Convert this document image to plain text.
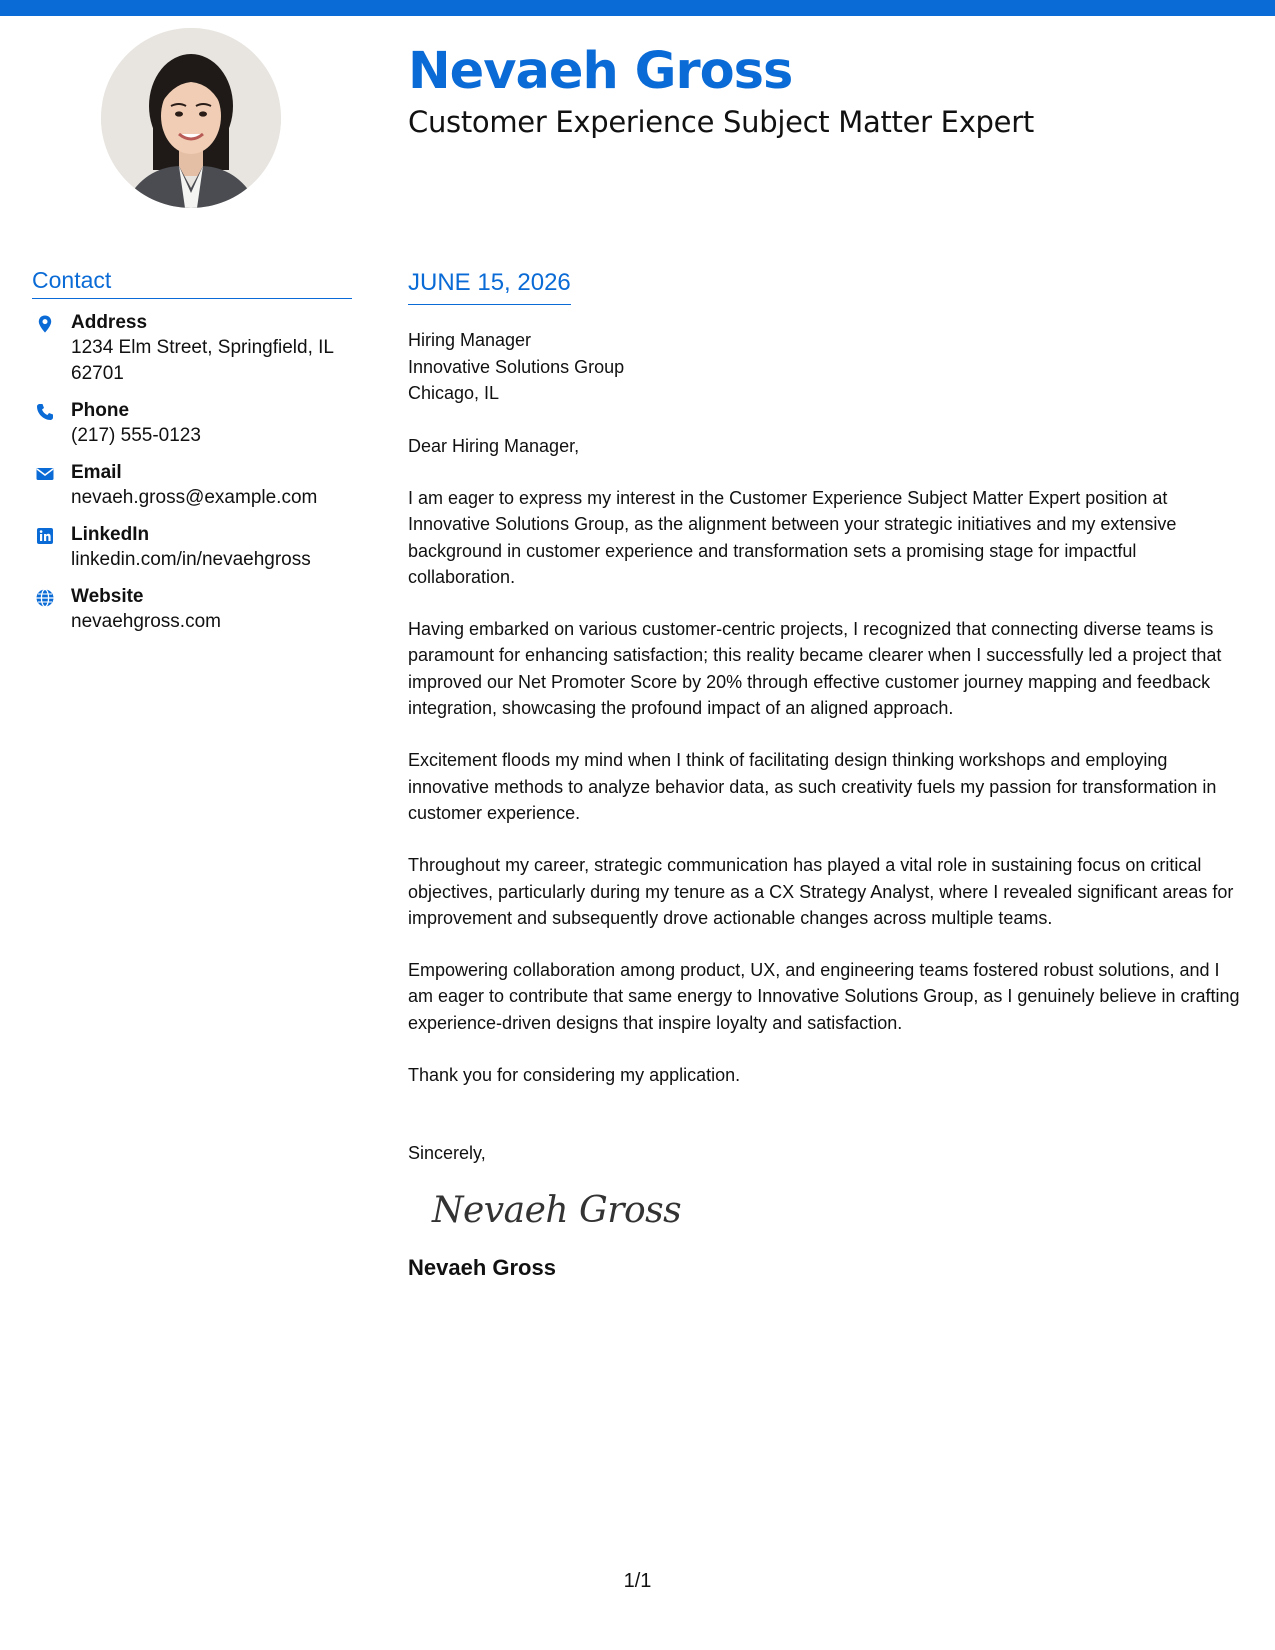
Nevaeh Gross
Customer Experience Subject Matter Expert
Contact
Address
1234 Elm Street, Springfield, IL 62701
Phone
(217) 555-0123
Email
nevaeh.gross@example.com
LinkedIn
linkedin.com/in/nevaehgross
Website
nevaehgross.com
JUNE 15, 2026
Hiring Manager
Innovative Solutions Group
Chicago, IL
Dear Hiring Manager,
I am eager to express my interest in the Customer Experience Subject Matter Expert position at Innovative Solutions Group, as the alignment between your strategic initiatives and my extensive background in customer experience and transformation sets a promising stage for impactful collaboration.
Having embarked on various customer-centric projects, I recognized that connecting diverse teams is paramount for enhancing satisfaction; this reality became clearer when I successfully led a project that improved our Net Promoter Score by 20% through effective customer journey mapping and feedback integration, showcasing the profound impact of an aligned approach.
Excitement floods my mind when I think of facilitating design thinking workshops and employing innovative methods to analyze behavior data, as such creativity fuels my passion for transformation in customer experience.
Throughout my career, strategic communication has played a vital role in sustaining focus on critical objectives, particularly during my tenure as a CX Strategy Analyst, where I revealed significant areas for improvement and subsequently drove actionable changes across multiple teams.
Empowering collaboration among product, UX, and engineering teams fostered robust solutions, and I am eager to contribute that same energy to Innovative Solutions Group, as I genuinely believe in crafting experience-driven designs that inspire loyalty and satisfaction.
Thank you for considering my application.
Sincerely,
Nevaeh Gross
Nevaeh Gross
1/1
